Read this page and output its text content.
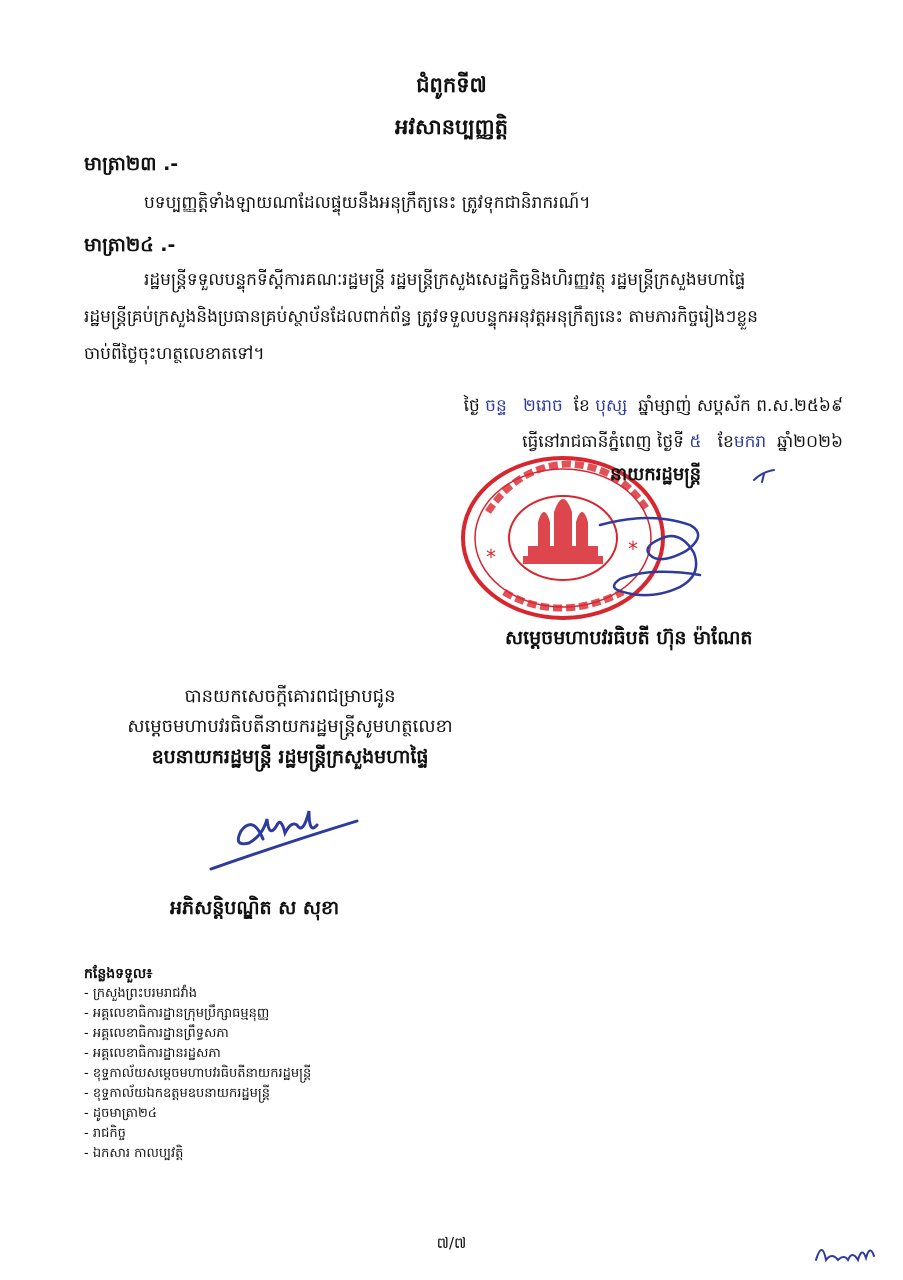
ជំពូកទី៧
អវសានប្បញ្ញត្តិ
មាត្រា២៣ .-

បទប្បញ្ញត្តិទាំងឡាយណាដែលផ្ទុយនឹងអនុក្រឹត្យនេះ ត្រូវទុកជានិរាករណ៍។

មាត្រា២៤ .-

រដ្ឋមន្ត្រីទទួលបន្ទុកទីស្តីការគណៈរដ្ឋមន្ត្រី រដ្ឋមន្ត្រីក្រសួងសេដ្ឋកិច្ចនិងហិរញ្ញវត្ថុ រដ្ឋមន្ត្រីក្រសួងមហាផ្ទៃ

រដ្ឋមន្ត្រីគ្រប់ក្រសួងនិងប្រធានគ្រប់ស្ថាប័នដែលពាក់ព័ន្ធ ត្រូវទទួលបន្ទុកអនុវត្តអនុក្រឹត្យនេះ តាមភារកិច្ចរៀងៗខ្លួន

ចាប់ពីថ្ងៃចុះហត្ថលេខាតទៅ។

ថ្ងៃ ចន្ទ ២រោច ខែ បុស្ស ឆ្នាំម្សាញ់ សប្តស័ក ព.ស.២៥៦៩
ធ្វើនៅរាជធានីភ្នំពេញ ថ្ងៃទី ៥ ខែមករា ឆ្នាំ២០២៦
*	*
នាយករដ្ឋមន្ត្រី
សម្តេចមហាបវរធិបតី ហ៊ុន ម៉ាណែត
បានយកសេចក្តីគោរពជម្រាបជូន
សម្តេចមហាបវរធិបតីនាយករដ្ឋមន្ត្រីសូមហត្ថលេខា
ឧបនាយករដ្ឋមន្ត្រី រដ្ឋមន្ត្រីក្រសួងមហាផ្ទៃ
អភិសន្តិបណ្ឌិត ស សុខា
កន្លែងទទួល៖
- ក្រសួងព្រះបរមរាជវាំង
- អគ្គលេខាធិការដ្ឋានក្រុមប្រឹក្សាធម្មនុញ្ញ
- អគ្គលេខាធិការដ្ឋានព្រឹទ្ធសភា
- អគ្គលេខាធិការដ្ឋានរដ្ឋសភា
- ខុទ្ទកាល័យសម្តេចមហាបវរធិបតីនាយករដ្ឋមន្ត្រី
- ខុទ្ទកាល័យឯកឧត្តមឧបនាយករដ្ឋមន្ត្រី
- ដូចមាត្រា២៤
- រាជកិច្ច
- ឯកសារ កាលប្បវត្តិ
៧/៧
